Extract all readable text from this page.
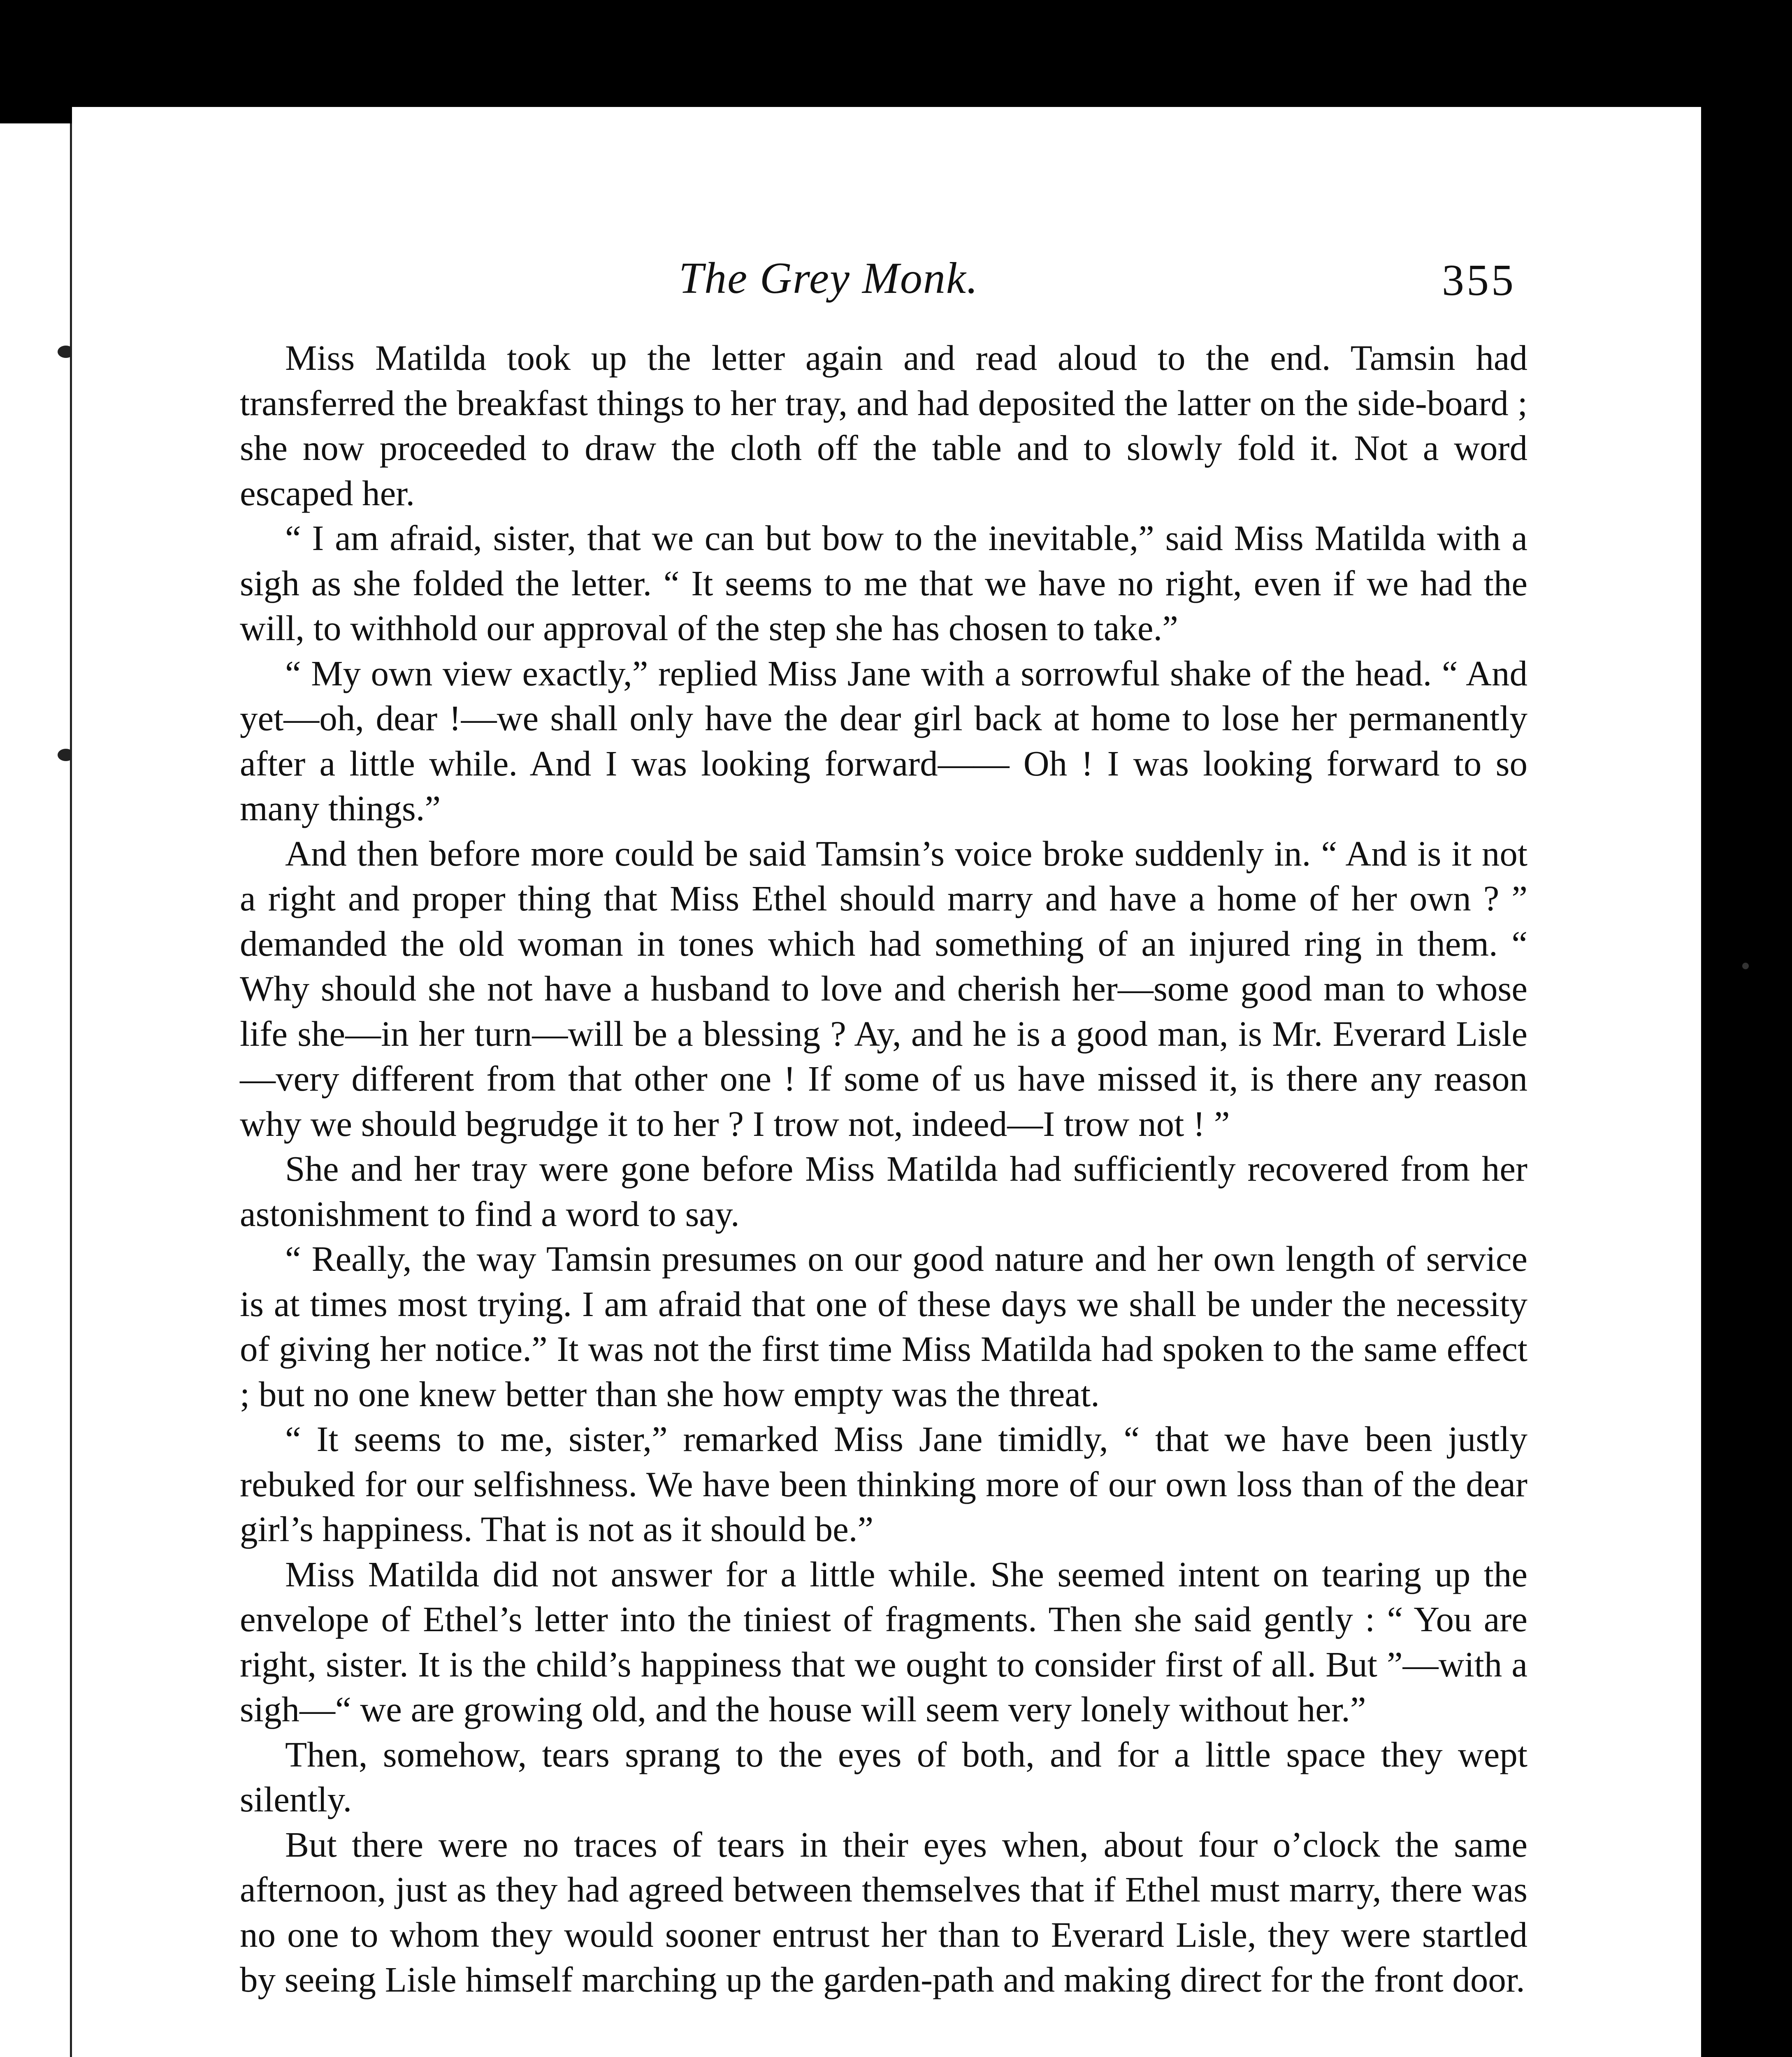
The Grey Monk.	355

Miss Matilda took up the letter again and read aloud to the end. Tamsin had transferred the breakfast things to her tray, and had deposited the latter on the side-board ; she now proceeded to draw the cloth off the table and to slowly fold it. Not a word escaped her.

“ I am afraid, sister, that we can but bow to the inevitable,” said Miss Matilda with a sigh as she folded the letter. “ It seems to me that we have no right, even if we had the will, to withhold our approval of the step she has chosen to take.”

“ My own view exactly,” replied Miss Jane with a sorrowful shake of the head. “ And yet—oh, dear !—we shall only have the dear girl back at home to lose her permanently after a little while. And I was looking forward—— Oh ! I was looking forward to so many things.”

And then before more could be said Tamsin’s voice broke suddenly in. “ And is it not a right and proper thing that Miss Ethel should marry and have a home of her own ? ” demanded the old woman in tones which had something of an injured ring in them. “ Why should she not have a husband to love and cherish her—some good man to whose life she—in her turn—will be a blessing ? Ay, and he is a good man, is Mr. Everard Lisle—very different from that other one ! If some of us have missed it, is there any reason why we should begrudge it to her ? I trow not, indeed—I trow not ! ”

She and her tray were gone before Miss Matilda had sufficiently recovered from her astonishment to find a word to say.

“ Really, the way Tamsin presumes on our good nature and her own length of service is at times most trying. I am afraid that one of these days we shall be under the necessity of giving her notice.” It was not the first time Miss Matilda had spoken to the same effect ; but no one knew better than she how empty was the threat.

“ It seems to me, sister,” remarked Miss Jane timidly, “ that we have been justly rebuked for our selfishness. We have been thinking more of our own loss than of the dear girl’s happiness. That is not as it should be.”

Miss Matilda did not answer for a little while. She seemed intent on tearing up the envelope of Ethel’s letter into the tiniest of fragments. Then she said gently : “ You are right, sister. It is the child’s happiness that we ought to consider first of all. But ”—with a sigh—“ we are growing old, and the house will seem very lonely without her.”

Then, somehow, tears sprang to the eyes of both, and for a little space they wept silently.

But there were no traces of tears in their eyes when, about four o’clock the same afternoon, just as they had agreed between themselves that if Ethel must marry, there was no one to whom they would sooner entrust her than to Everard Lisle, they were startled by seeing Lisle himself marching up the garden-path and making direct for the front door.
